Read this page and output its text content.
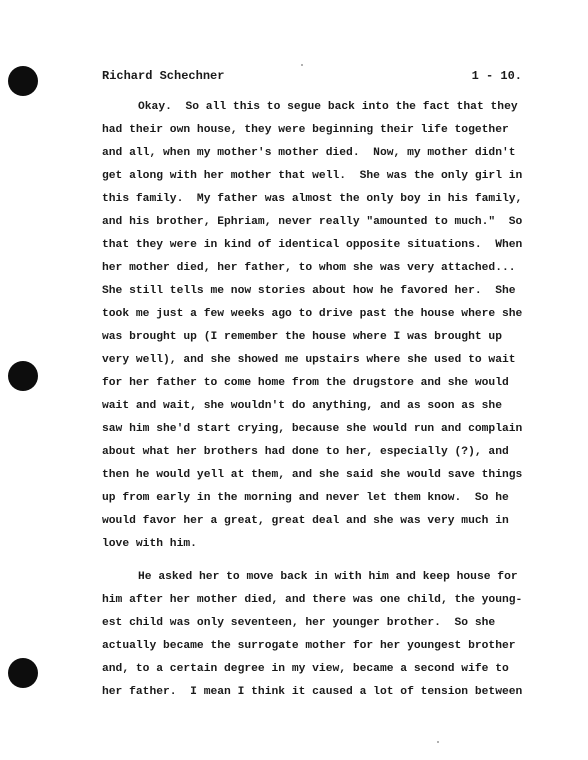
Richard Schechner	1 - 10.
Okay.  So all this to segue back into the fact that they
had their own house, they were beginning their life together
and all, when my mother's mother died.  Now, my mother didn't
get along with her mother that well.  She was the only girl in
this family.  My father was almost the only boy in his family,
and his brother, Ephriam, never really "amounted to much."  So
that they were in kind of identical opposite situations.  When
her mother died, her father, to whom she was very attached...
She still tells me now stories about how he favored her.  She
took me just a few weeks ago to drive past the house where she
was brought up (I remember the house where I was brought up
very well), and she showed me upstairs where she used to wait
for her father to come home from the drugstore and she would
wait and wait, she wouldn't do anything, and as soon as she
saw him she'd start crying, because she would run and complain
about what her brothers had done to her, especially (?), and
then he would yell at them, and she said she would save things
up from early in the morning and never let them know.  So he
would favor her a great, great deal and she was very much in
love with him.
He asked her to move back in with him and keep house for
him after her mother died, and there was one child, the young-
est child was only seventeen, her younger brother.  So she
actually became the surrogate mother for her youngest brother
and, to a certain degree in my view, became a second wife to
her father.  I mean I think it caused a lot of tension between
